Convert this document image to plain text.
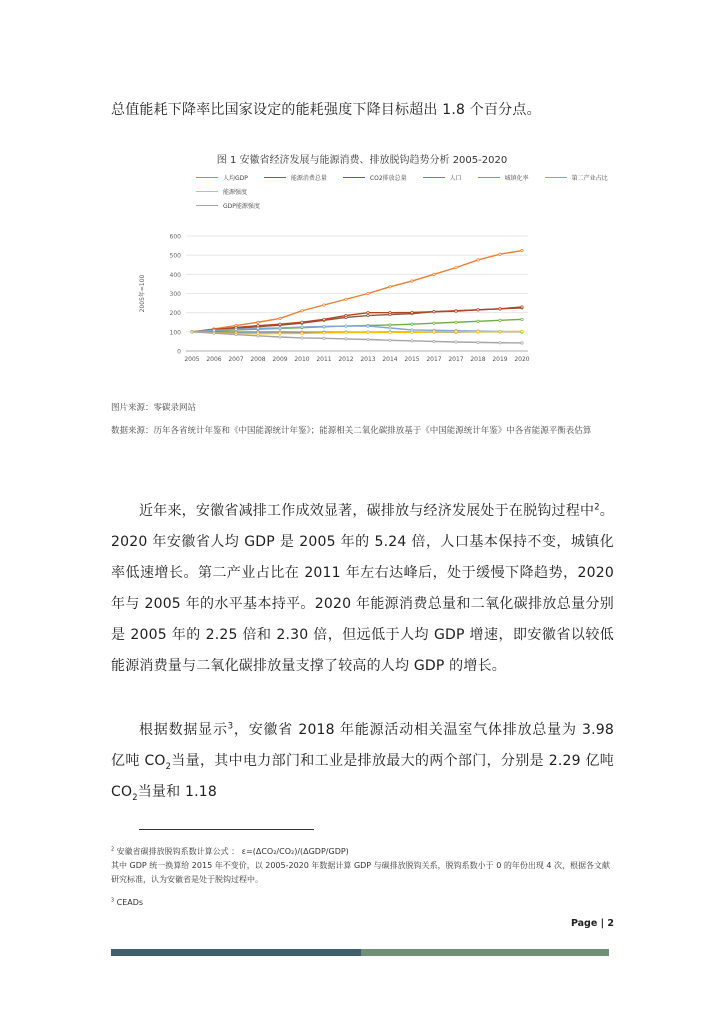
总值能耗下降率比国家设定的能耗强度下降目标超出 1.8 个百分点。
图 1 安徽省经济发展与能源消费、排放脱钩趋势分析 2005-2020
人均GDP	能源消费总量	CO2排放总量	人口	城镇化率	第二产业占比
能源强度

GDP能源强度
0
100
200
300
400
500
600
2005 2006 2007 2008 2009 2010 2011 2012 2013 2014 2015 2017 2017 2018 2019 2020
2005年=100
图片来源：零碳录网站
数据来源：历年各省统计年鉴和《中国能源统计年鉴》；能源相关二氧化碳排放基于《中国能源统计年鉴》中各省能源平衡表估算
近年来，安徽省减排工作成效显著，碳排放与经济发展处于在脱钩过程中$^2$。2020 年安徽省人均 GDP 是 2005 年的 5.24 倍，人口基本保持不变，城镇化率低速增长。第二产业占比在 2011 年左右达峰后，处于缓慢下降趋势，2020 年与 2005 年的水平基本持平。2020 年能源消费总量和二氧化碳排放总量分别是 2005 年的 2.25 倍和 2.30 倍，但远低于人均 GDP 增速，即安徽省以较低能源消费量与二氧化碳排放量支撑了较高的人均 GDP 的增长。
根据数据显示$^3$，安徽省 2018 年能源活动相关温室气体排放总量为 3.98 亿吨 $CO_2$当量，其中电力部门和工业是排放最大的两个部门，分别是 2.29 亿吨 $CO_2$当量和 1.18
$^2$ 安徽省碳排放脱钩系数计算公式 ： ε=(ΔCO₂/CO₂)/(ΔGDP/GDP)
其中 GDP 统一换算给 2015 年不变价，以 2005-2020 年数据计算 GDP 与碳排放脱钩关系，脱钩系数小于 0 的年份出现 4 次，根据各文献研究标准，认为安徽省是处于脱钩过程中。
$^3$ CEADs
Page | 2
